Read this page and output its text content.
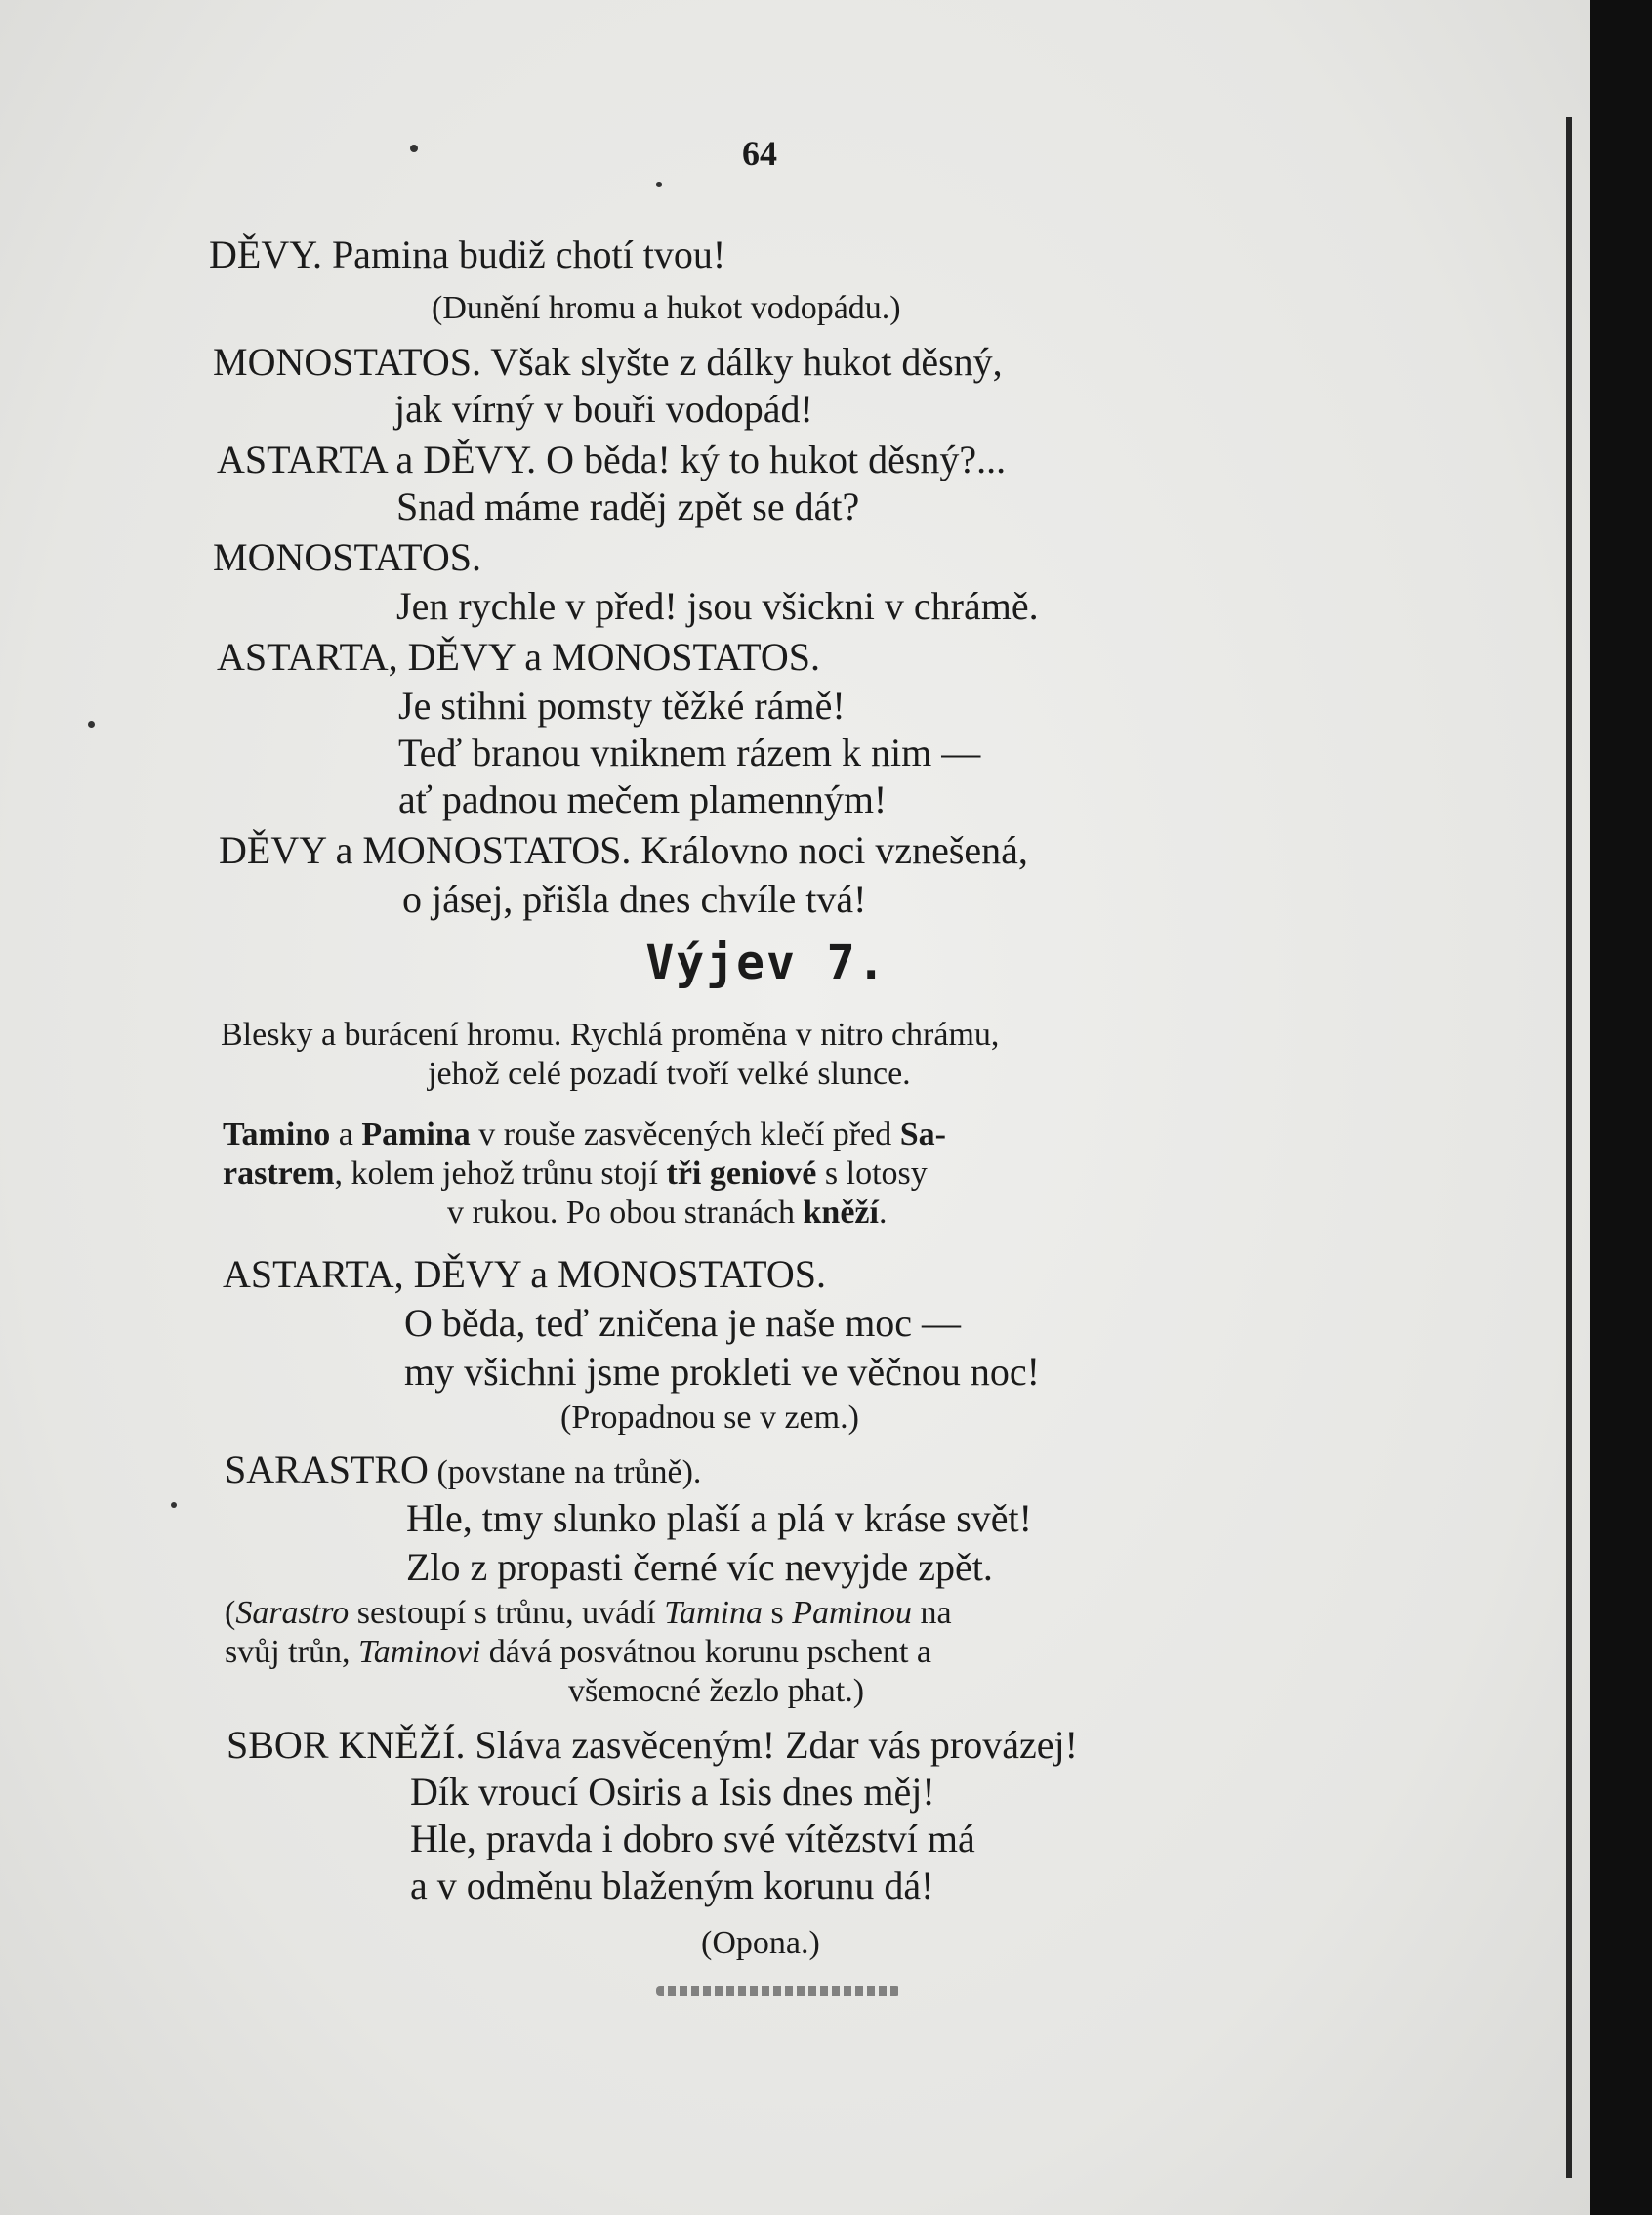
64
DĚVY. Pamina budiž chotí tvou!
(Dunění hromu a hukot vodopádu.)
MONOSTATOS. Však slyšte z dálky hukot děsný,
jak vírný v bouři vodopád!
ASTARTA a DĚVY. O běda! ký to hukot děsný?...
Snad máme raděj zpět se dát?
MONOSTATOS.
Jen rychle v před! jsou všickni v chrámě.
ASTARTA, DĚVY a MONOSTATOS.
Je stihni pomsty těžké rámě!
Teď branou vniknem rázem k nim —
ať padnou mečem plamenným!
DĚVY a MONOSTATOS. Královno noci vznešená,
o jásej, přišla dnes chvíle tvá!
Výjev 7.
Blesky a burácení hromu. Rychlá proměna v nitro chrámu,
jehož celé pozadí tvoří velké slunce.
Tamino a Pamina v rouše zasvěcených klečí před Sa-
rastrem, kolem jehož trůnu stojí tři geniové s lotosy
v rukou. Po obou stranách kněží.
ASTARTA, DĚVY a MONOSTATOS.
O běda, teď zničena je naše moc —
my všichni jsme prokleti ve věčnou noc!
(Propadnou se v zem.)
SARASTRO (povstane na trůně).
Hle, tmy slunko plaší a plá v kráse svět!
Zlo z propasti černé víc nevyjde zpět.
(Sarastro sestoupí s trůnu, uvádí Tamina s Paminou na
svůj trůn, Taminovi dává posvátnou korunu pschent a
všemocné žezlo phat.)
SBOR KNĚŽÍ. Sláva zasvěceným! Zdar vás provázej!
Dík vroucí Osiris a Isis dnes měj!
Hle, pravda i dobro své vítězství má
a v odměnu blaženým korunu dá!
(Opona.)
